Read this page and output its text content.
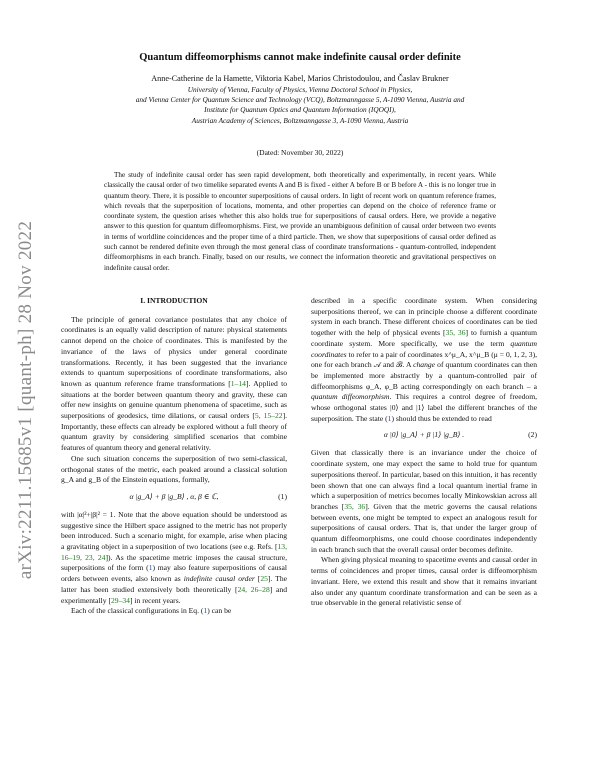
arXiv:2211.15685v1 [quant-ph] 28 Nov 2022
Quantum diffeomorphisms cannot make indefinite causal order definite
Anne-Catherine de la Hamette, Viktoria Kabel, Marios Christodoulou, and Časlav Brukner
University of Vienna, Faculty of Physics, Vienna Doctoral School in Physics,
and Vienna Center for Quantum Science and Technology (VCQ), Boltzmanngasse 5, A-1090 Vienna, Austria and
Institute for Quantum Optics and Quantum Information (IQOQI),
Austrian Academy of Sciences, Boltzmanngasse 3, A-1090 Vienna, Austria
(Dated: November 30, 2022)

The study of indefinite causal order has seen rapid development, both theoretically and experimentally, in recent years. While classically the causal order of two timelike separated events A and B is fixed - either A before B or B before A - this is no longer true in quantum theory. There, it is possible to encounter superpositions of causal orders. In light of recent work on quantum reference frames, which reveals that the superposition of locations, momenta, and other properties can depend on the choice of reference frame or coordinate system, the question arises whether this also holds true for superpositions of causal orders. Here, we provide a negative answer to this question for quantum diffeomorphisms. First, we provide an unambiguous definition of causal order between two events in terms of worldline coincidences and the proper time of a third particle. Then, we show that superpositions of causal order defined as such cannot be rendered definite even through the most general class of coordinate transformations - quantum-controlled, independent diffeomorphisms in each branch. Finally, based on our results, we connect the information theoretic and gravitational perspectives on indefinite causal order.

I. INTRODUCTION

The principle of general covariance postulates that any choice of coordinates is an equally valid description of nature: physical statements cannot depend on the choice of coordinates. This is manifested by the invariance of the laws of physics under general coordinate transformations. Recently, it has been suggested that the invariance extends to quantum superpositions of coordinate transformations, also known as quantum reference frame transformations [1–14]. Applied to situations at the border between quantum theory and gravity, these can offer new insights on genuine quantum phenomena of spacetime, such as superpositions of geodesics, time dilations, or causal orders [5, 15–22]. Importantly, these effects can already be explored without a full theory of quantum gravity by considering simplified scenarios that combine features of quantum theory and general relativity.

One such situation concerns the superposition of two semi-classical, orthogonal states of the metric, each peaked around a classical solution g_A and g_B of the Einstein equations, formally,

α |g_A⟩ + β |g_B⟩ , α, β ∈ ℂ,	(1)

with |α|²+|β|² = 1. Note that the above equation should be understood as suggestive since the Hilbert space assigned to the metric has not properly been introduced. Such a scenario might, for example, arise when placing a gravitating object in a superposition of two locations (see e.g. Refs. [13, 16–19, 23, 24]). As the spacetime metric imposes the causal structure, superpositions of the form (1) may also feature superpositions of causal orders between events, also known as indefinite causal order [25]. The latter has been studied extensively both theoretically [24, 26–28] and experimentally [29–34] in recent years.

Each of the classical configurations in Eq. (1) can be

described in a specific coordinate system. When considering superpositions thereof, we can in principle choose a different coordinate system in each branch. These different choices of coordinates can be tied together with the help of physical events [35, 36] to furnish a quantum coordinate system. More specifically, we use the term quantum coordinates to refer to a pair of coordinates x^μ_A, x^μ_B (μ = 0, 1, 2, 3), one for each branch 𝒜 and ℬ. A change of quantum coordinates can then be implemented more abstractly by a quantum-controlled pair of diffeomorphisms φ_A, φ_B acting correspondingly on each branch – a quantum diffeomorphism. This requires a control degree of freedom, whose orthogonal states |0⟩ and |1⟩ label the different branches of the superposition. The state (1) should thus be extended to read

α |0⟩ |g_A⟩ + β |1⟩ |g_B⟩ .	(2)

Given that classically there is an invariance under the choice of coordinate system, one may expect the same to hold true for quantum superpositions thereof. In particular, based on this intuition, it has recently been shown that one can always find a local quantum inertial frame in which a superposition of metrics becomes locally Minkowskian across all branches [35, 36]. Given that the metric governs the causal relations between events, one might be tempted to expect an analogous result for superpositions of causal orders. That is, that under the larger group of quantum diffeomorphisms, one could choose coordinates independently in each branch such that the overall causal order becomes definite.

When giving physical meaning to spacetime events and causal order in terms of coincidences and proper times, causal order is diffeomorphism invariant. Here, we extend this result and show that it remains invariant also under any quantum coordinate transformation and can be seen as a true observable in the general relativistic sense of
